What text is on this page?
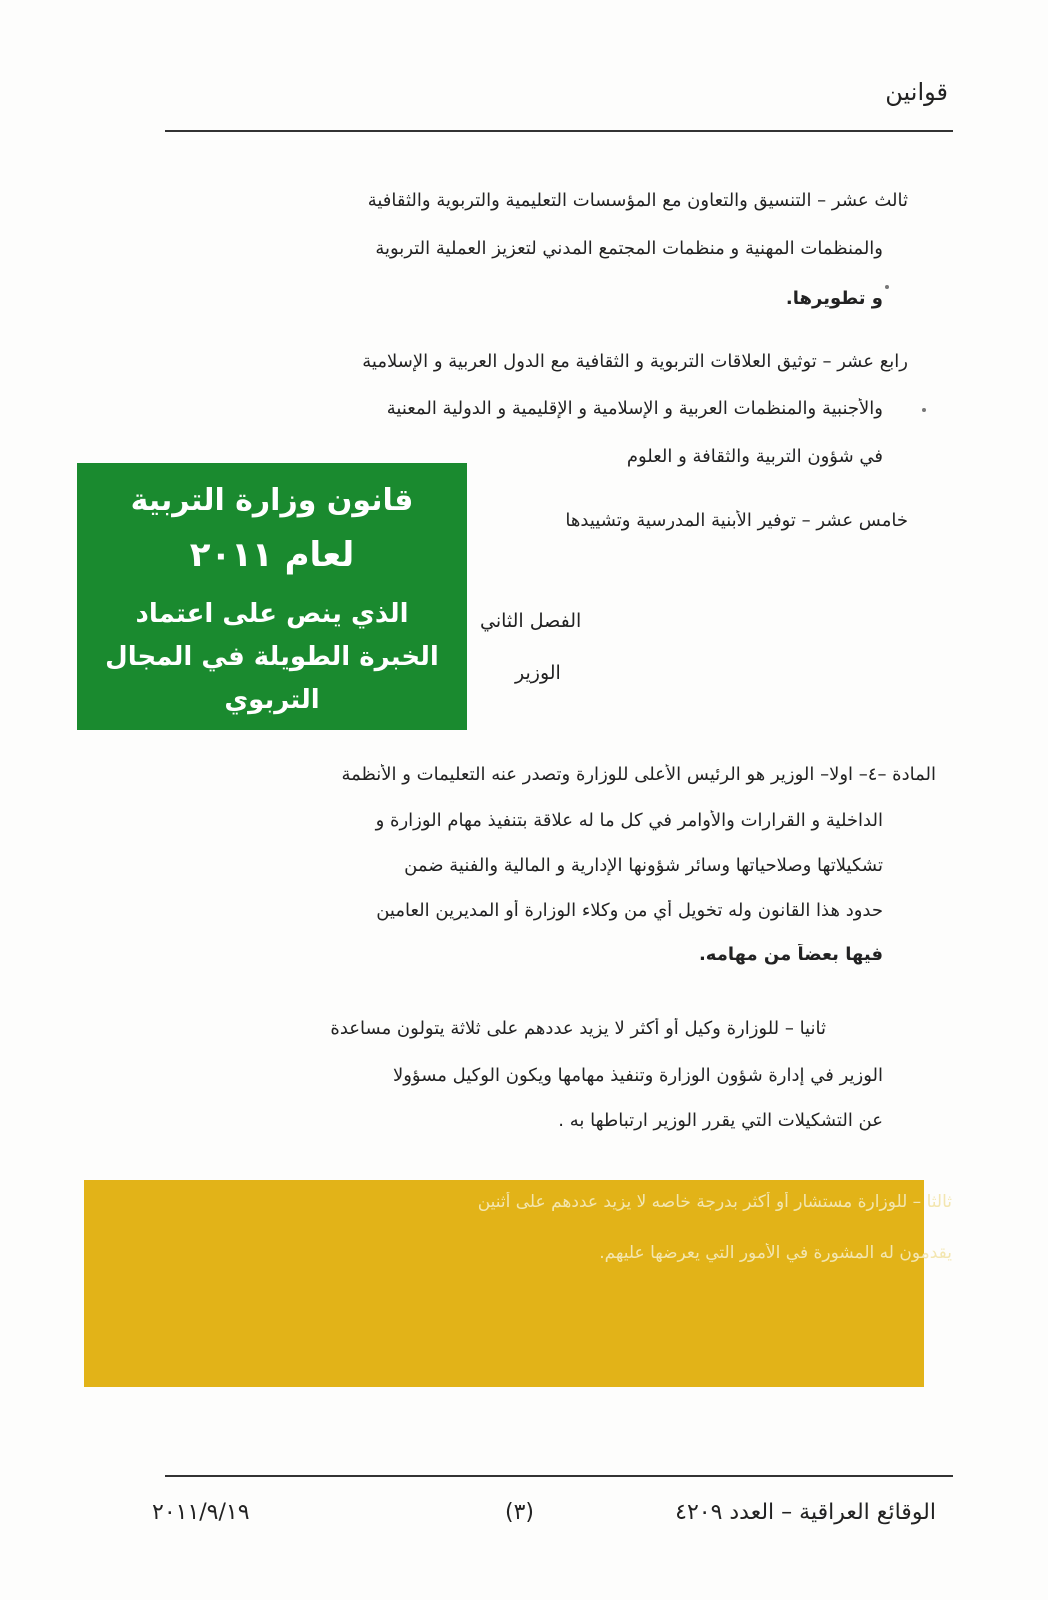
قوانين
ثالث عشر – التنسيق والتعاون مع المؤسسات التعليمية والتربوية والثقافية
والمنظمات المهنية و منظمات المجتمع المدني لتعزيز العملية التربوية
و تطويرها.
رابع عشر – توثيق العلاقات التربوية و الثقافية مع الدول العربية و الإسلامية
والأجنبية والمنظمات العربية و الإسلامية و الإقليمية و الدولية المعنية
في شؤون التربية والثقافة و العلوم
خامس عشر – توفير الأبنية المدرسية وتشييدها
الفصل الثاني
الوزير
قانون وزارة التربية
لعام ٢٠١١
الذي ينص على اعتماد الخبرة الطويلة في المجال التربوي
المادة –٤– اولا– الوزير هو الرئيس الأعلى للوزارة وتصدر عنه التعليمات و الأنظمة
الداخلية و القرارات والأوامر في كل ما له علاقة بتنفيذ مهام الوزارة و
تشكيلاتها وصلاحياتها وسائر شؤونها الإدارية و المالية والفنية ضمن
حدود هذا القانون وله تخويل أي من وكلاء الوزارة أو المديرين العامين
فيها بعضاً من مهامه.
ثانيا – للوزارة وكيل أو أكثر لا يزيد عددهم على ثلاثة يتولون مساعدة
الوزير في إدارة شؤون الوزارة وتنفيذ مهامها ويكون الوكيل مسؤولا
عن التشكيلات التي يقرر الوزير ارتباطها به .
ثالثا – للوزارة مستشار أو أكثر بدرجة خاصه لا يزيد عددهم على أثنين
يقدمون له المشورة في الأمور التي يعرضها عليهم.
الوقائع العراقية – العدد ٤٢٠٩
(٣)
٢٠١١/٩/١٩
